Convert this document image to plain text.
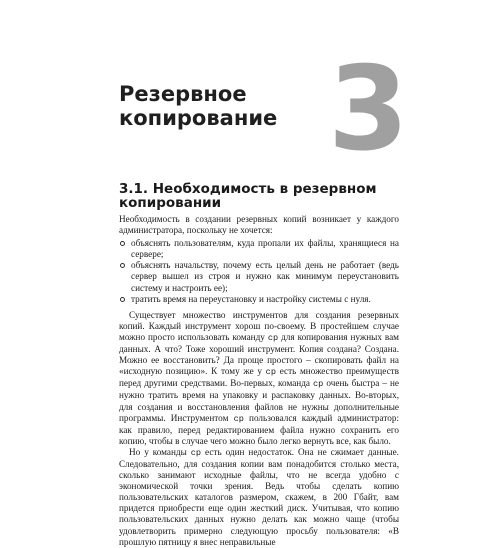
Резервное копирование 3
3.1. Необходимость в резервном копировании

Необходимость в создании резервных копий возникает у каждого администратора, поскольку не хочется:

объяснять пользователям, куда пропали их файлы, хранящиеся на сервере;
объяснять начальству, почему есть целый день не работает (ведь сервер вышел из строя и нужно как минимум переустановить систему и настроить ее);
тратить время на переустановку и настройку системы с нуля.

Существует множество инструментов для создания резервных копий. Каждый инструмент хорош по-своему. В простейшем случае можно просто использовать команду cp для копирования нужных вам данных. А что? Тоже хороший инструмент. Копия создана? Создана. Можно ее восстановить? Да проще простого – скопировать файл на «исходную позицию». К тому же у cp есть множество преимуществ перед другими средствами. Во-первых, команда cp очень быстра – не нужно тратить время на упаковку и распаковку данных. Во-вторых, для создания и восстановления файлов не нужны дополнительные программы. Инструментом cp пользовался каждый администратор: как правило, перед редактированием файла нужно сохранить его копию, чтобы в случае чего можно было легко вернуть все, как было.

Но у команды cp есть один недостаток. Она не сжимает данные. Следовательно, для создания копии вам понадобится столько места, сколько занимают исходные файлы, что не всегда удобно с экономической точки зрения. Ведь чтобы сделать копию пользовательских каталогов размером, скажем, в 200 Гбайт, вам придется приобрести еще один жесткий диск. Учитывая, что копию пользовательских данных нужно делать как можно чаще (чтобы удовлетворить примерно следующую просьбу пользователя: «В прошлую пятницу я внес неправильные
